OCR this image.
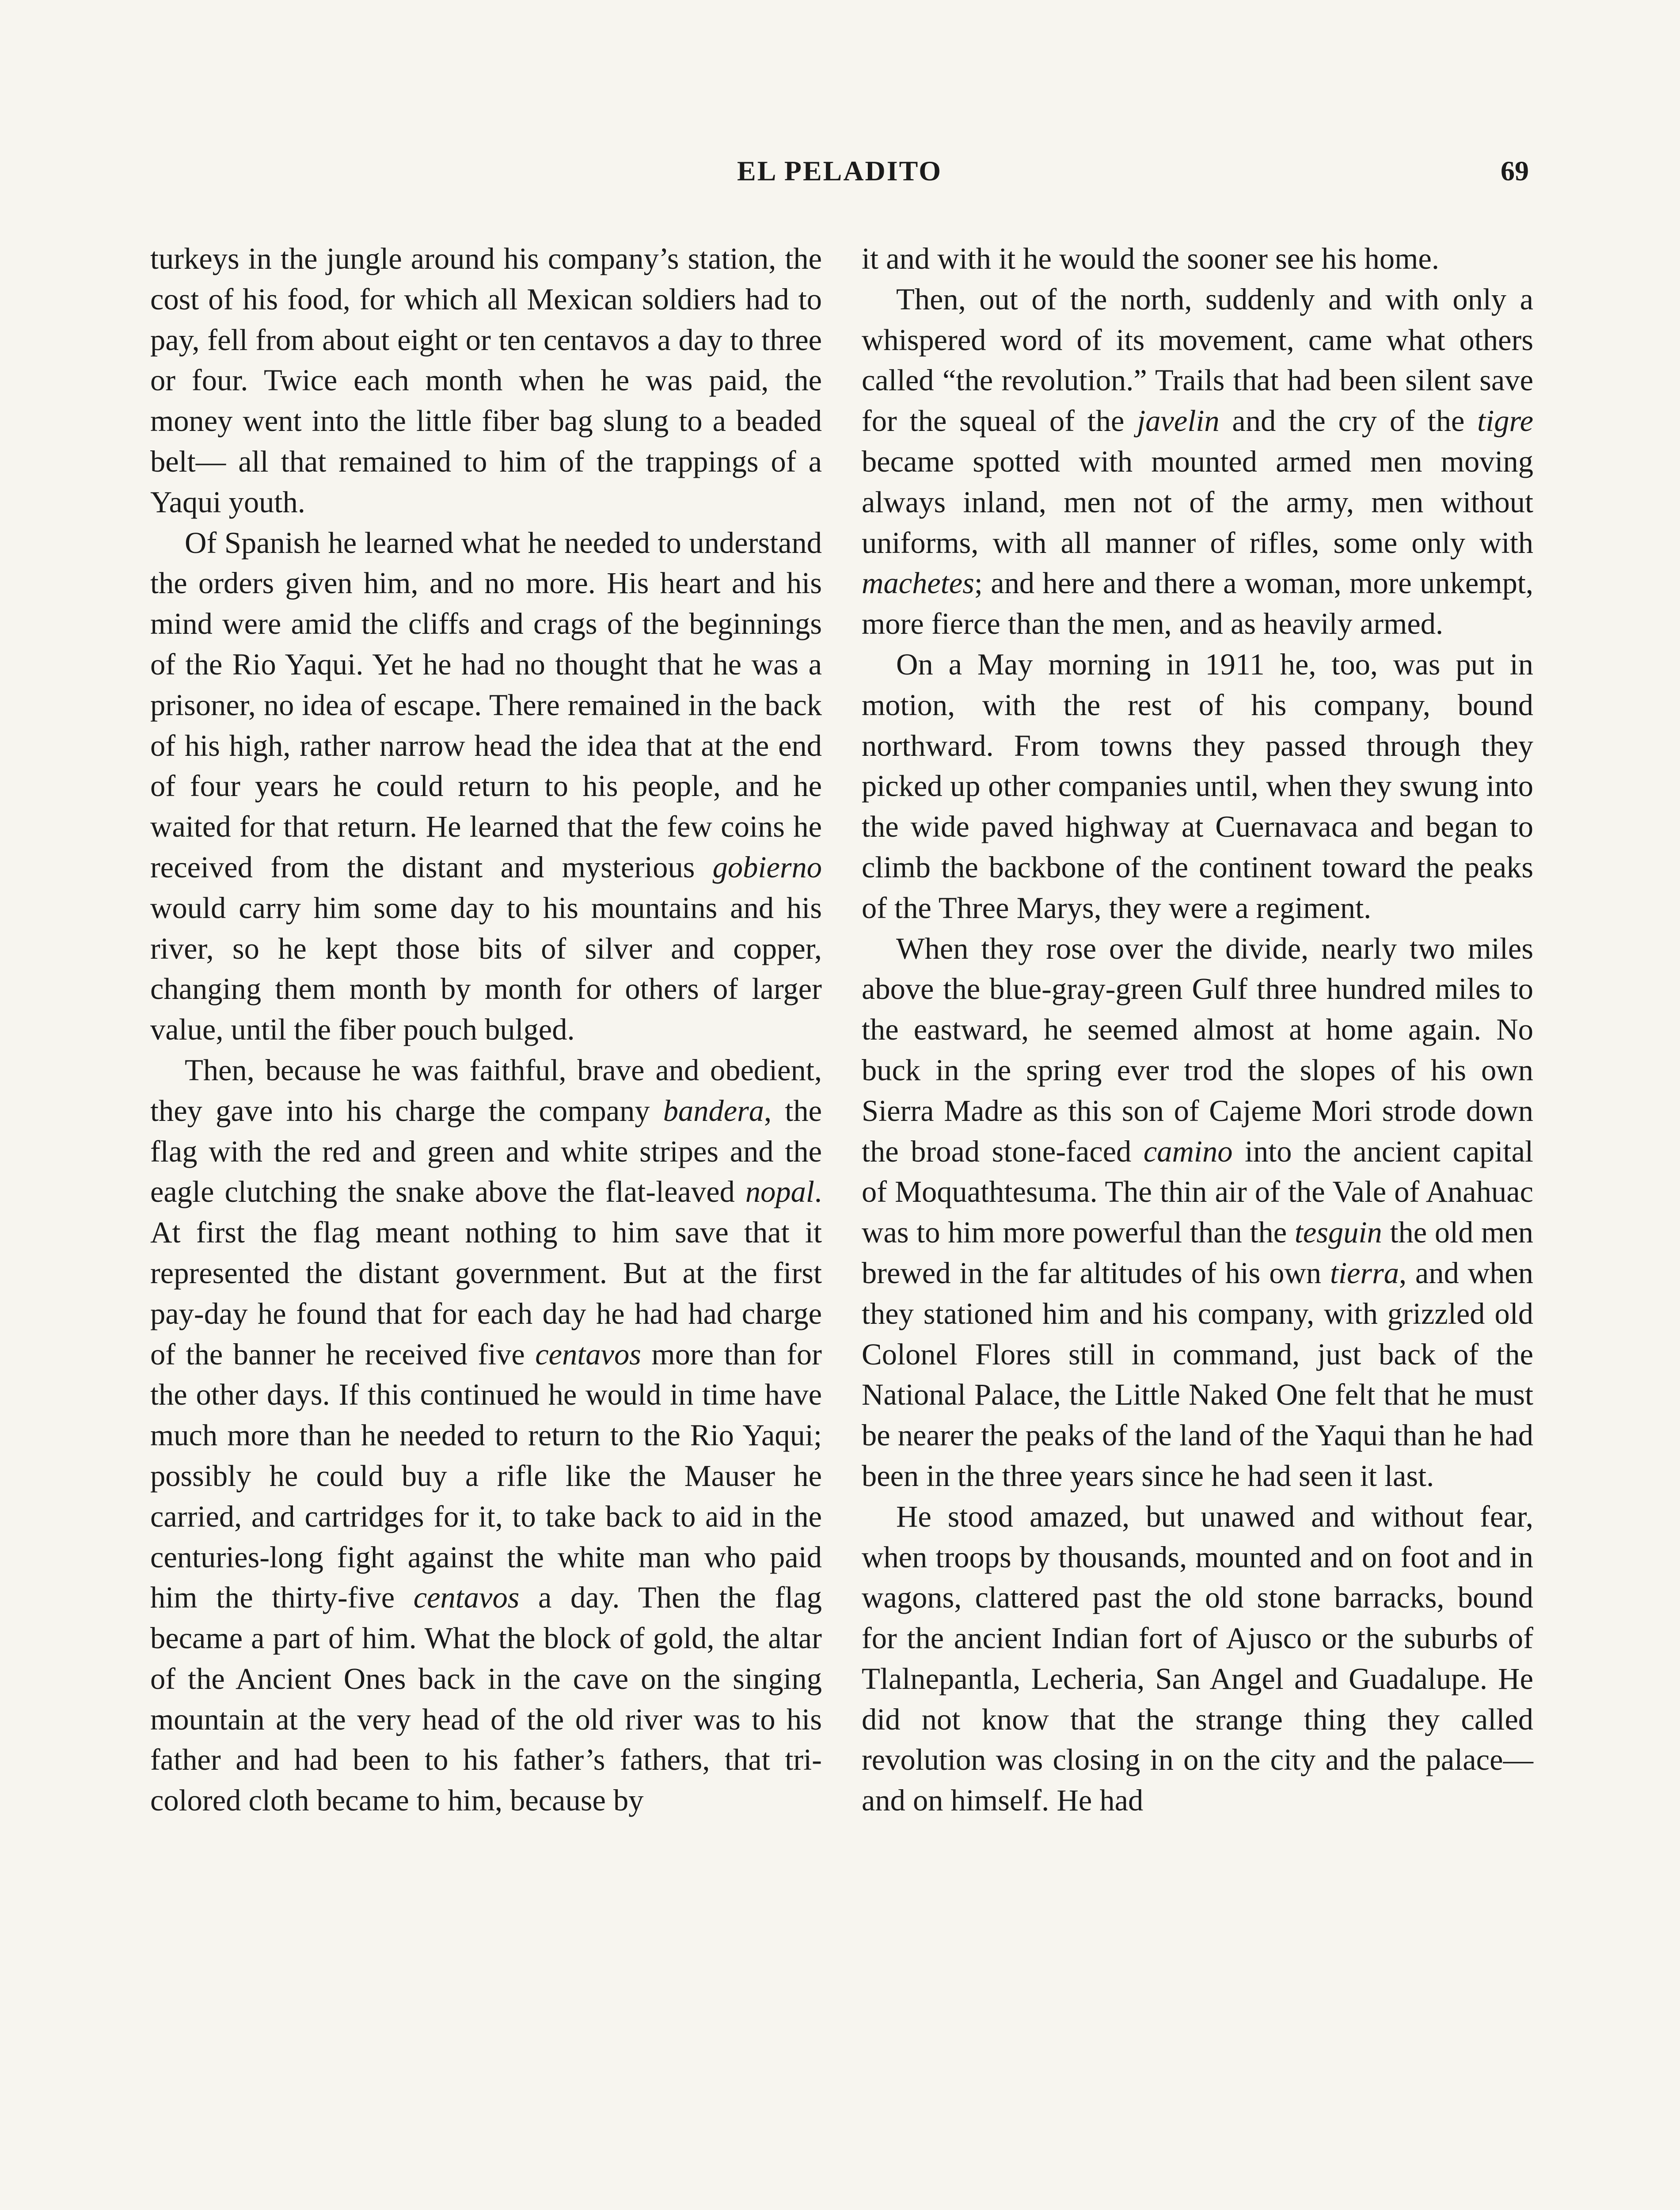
EL PELADITO	69

turkeys in the jungle around his company’s station, the cost of his food, for which all Mexican soldiers had to pay, fell from about eight or ten centavos a day to three or four. Twice each month when he was paid, the money went into the little fiber bag slung to a beaded belt— all that remained to him of the trappings of a Yaqui youth.

Of Spanish he learned what he needed to understand the orders given him, and no more. His heart and his mind were amid the cliffs and crags of the beginnings of the Rio Yaqui. Yet he had no thought that he was a prisoner, no idea of escape. There remained in the back of his high, rather narrow head the idea that at the end of four years he could return to his people, and he waited for that return. He learned that the few coins he received from the distant and mysterious gobierno would carry him some day to his mountains and his river, so he kept those bits of silver and copper, changing them month by month for others of larger value, until the fiber pouch bulged.

Then, because he was faithful, brave and obedient, they gave into his charge the company bandera, the flag with the red and green and white stripes and the eagle clutching the snake above the flat-leaved nopal. At first the flag meant nothing to him save that it represented the distant government. But at the first pay-day he found that for each day he had had charge of the banner he received five centavos more than for the other days. If this continued he would in time have much more than he needed to return to the Rio Yaqui; possibly he could buy a rifle like the Mauser he carried, and cartridges for it, to take back to aid in the centuries-long fight against the white man who paid him the thirty-five centavos a day. Then the flag became a part of him. What the block of gold, the altar of the Ancient Ones back in the cave on the singing mountain at the very head of the old river was to his father and had been to his father’s fathers, that tri-colored cloth became to him, because by

it and with it he would the sooner see his home.

Then, out of the north, suddenly and with only a whispered word of its movement, came what others called “the revolution.” Trails that had been silent save for the squeal of the javelin and the cry of the tigre became spotted with mounted armed men moving always inland, men not of the army, men without uniforms, with all manner of rifles, some only with machetes; and here and there a woman, more unkempt, more fierce than the men, and as heavily armed.

On a May morning in 1911 he, too, was put in motion, with the rest of his company, bound northward. From towns they passed through they picked up other companies until, when they swung into the wide paved highway at Cuernavaca and began to climb the backbone of the continent toward the peaks of the Three Marys, they were a regiment.

When they rose over the divide, nearly two miles above the blue-gray-green Gulf three hundred miles to the eastward, he seemed almost at home again. No buck in the spring ever trod the slopes of his own Sierra Madre as this son of Cajeme Mori strode down the broad stone-faced camino into the ancient capital of Moquathtesuma. The thin air of the Vale of Anahuac was to him more powerful than the tesguin the old men brewed in the far altitudes of his own tierra, and when they stationed him and his company, with grizzled old Colonel Flores still in command, just back of the National Palace, the Little Naked One felt that he must be nearer the peaks of the land of the Yaqui than he had been in the three years since he had seen it last.

He stood amazed, but unawed and without fear, when troops by thousands, mounted and on foot and in wagons, clattered past the old stone barracks, bound for the ancient Indian fort of Ajusco or the suburbs of Tlalnepantla, Lecheria, San Angel and Guadalupe. He did not know that the strange thing they called revolution was closing in on the city and the palace—and on himself. He had
